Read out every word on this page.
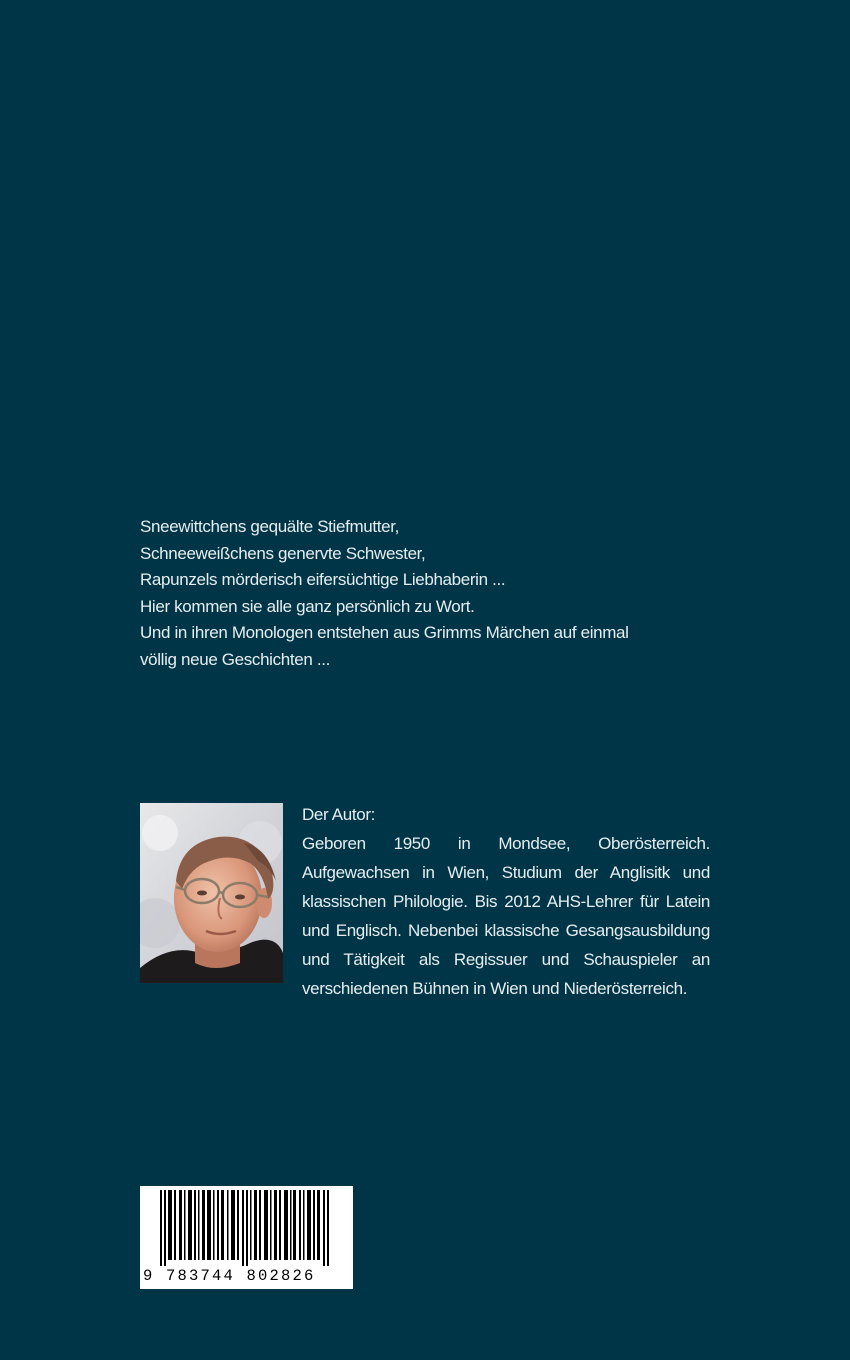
Sneewittchens gequälte Stiefmutter,
Schneeweißchens genervte Schwester,
Rapunzels mörderisch eifersüchtige Liebhaberin ...
Hier kommen sie alle ganz persönlich zu Wort.
Und in ihren Monologen entstehen aus Grimms Märchen auf einmal
völlig neue Geschichten ...
Der Autor:

Geboren 1950 in Mondsee, Oberösterreich. Aufgewachsen in Wien, Studium der Anglisitk und klassischen Philologie. Bis 2012 AHS-Lehrer für Latein und Englisch. Nebenbei klassische Gesangsausbildung und Tätigkeit als Regissuer und Schauspieler an verschiedenen Bühnen in Wien und Niederösterreich.

9 783744 802826
